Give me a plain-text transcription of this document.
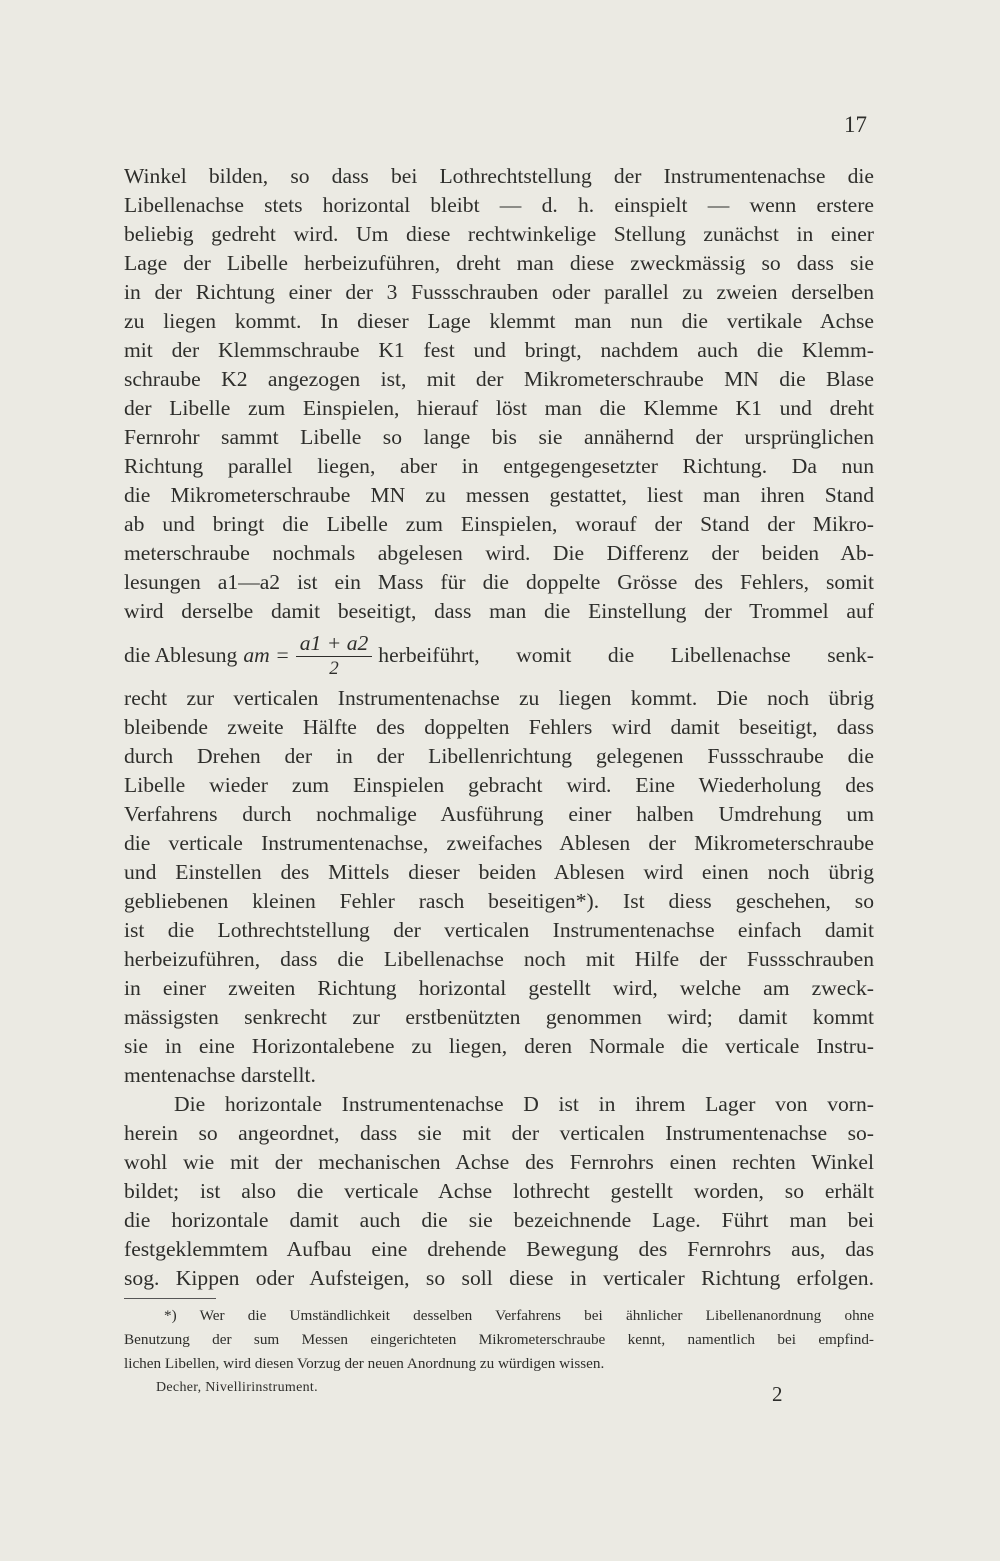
17
Winkel bilden, so dass bei Lothrechtstellung der Instrumentenachse die
Libellenachse stets horizontal bleibt — d. h. einspielt — wenn erstere
beliebig gedreht wird. Um diese rechtwinkelige Stellung zunächst in einer
Lage der Libelle herbeizuführen, dreht man diese zweckmässig so dass sie
in der Richtung einer der 3 Fussschrauben oder parallel zu zweien derselben
zu liegen kommt. In dieser Lage klemmt man nun die vertikale Achse
mit der Klemmschraube K1 fest und bringt, nachdem auch die Klemm-
schraube K2 angezogen ist, mit der Mikrometerschraube MN die Blase
der Libelle zum Einspielen, hierauf löst man die Klemme K1 und dreht
Fernrohr sammt Libelle so lange bis sie annähernd der ursprünglichen
Richtung parallel liegen, aber in entgegengesetzter Richtung. Da nun
die Mikrometerschraube MN zu messen gestattet, liest man ihren Stand
ab und bringt die Libelle zum Einspielen, worauf der Stand der Mikro-
meterschraube nochmals abgelesen wird. Die Differenz der beiden Ab-
lesungen a1—a2 ist ein Mass für die doppelte Grösse des Fehlers, somit
wird derselbe damit beseitigt, dass man die Einstellung der Trommel auf
die Ablesung am = $\frac{a1 + a2}{2}$ herbeiführt, womit die Libellenachse senk-
recht zur verticalen Instrumentenachse zu liegen kommt. Die noch übrig
bleibende zweite Hälfte des doppelten Fehlers wird damit beseitigt, dass
durch Drehen der in der Libellenrichtung gelegenen Fussschraube die
Libelle wieder zum Einspielen gebracht wird. Eine Wiederholung des
Verfahrens durch nochmalige Ausführung einer halben Umdrehung um
die verticale Instrumentenachse, zweifaches Ablesen der Mikrometerschraube
und Einstellen des Mittels dieser beiden Ablesen wird einen noch übrig
gebliebenen kleinen Fehler rasch beseitigen*). Ist diess geschehen, so
ist die Lothrechtstellung der verticalen Instrumentenachse einfach damit
herbeizuführen, dass die Libellenachse noch mit Hilfe der Fussschrauben
in einer zweiten Richtung horizontal gestellt wird, welche am zweck-
mässigsten senkrecht zur erstbenützten genommen wird; damit kommt
sie in eine Horizontalebene zu liegen, deren Normale die verticale Instru-
mentenachse darstellt.
Die horizontale Instrumentenachse D ist in ihrem Lager von vorn-
herein so angeordnet, dass sie mit der verticalen Instrumentenachse so-
wohl wie mit der mechanischen Achse des Fernrohrs einen rechten Winkel
bildet; ist also die verticale Achse lothrecht gestellt worden, so erhält
die horizontale damit auch die sie bezeichnende Lage. Führt man bei
festgeklemmtem Aufbau eine drehende Bewegung des Fernrohrs aus, das
sog. Kippen oder Aufsteigen, so soll diese in verticaler Richtung erfolgen.
*) Wer die Umständlichkeit desselben Verfahrens bei ähnlicher Libellenanordnung ohne
Benutzung der sum Messen eingerichteten Mikrometerschraube kennt, namentlich bei empfind-
lichen Libellen, wird diesen Vorzug der neuen Anordnung zu würdigen wissen.
Decher, Nivellirinstrument.	2
